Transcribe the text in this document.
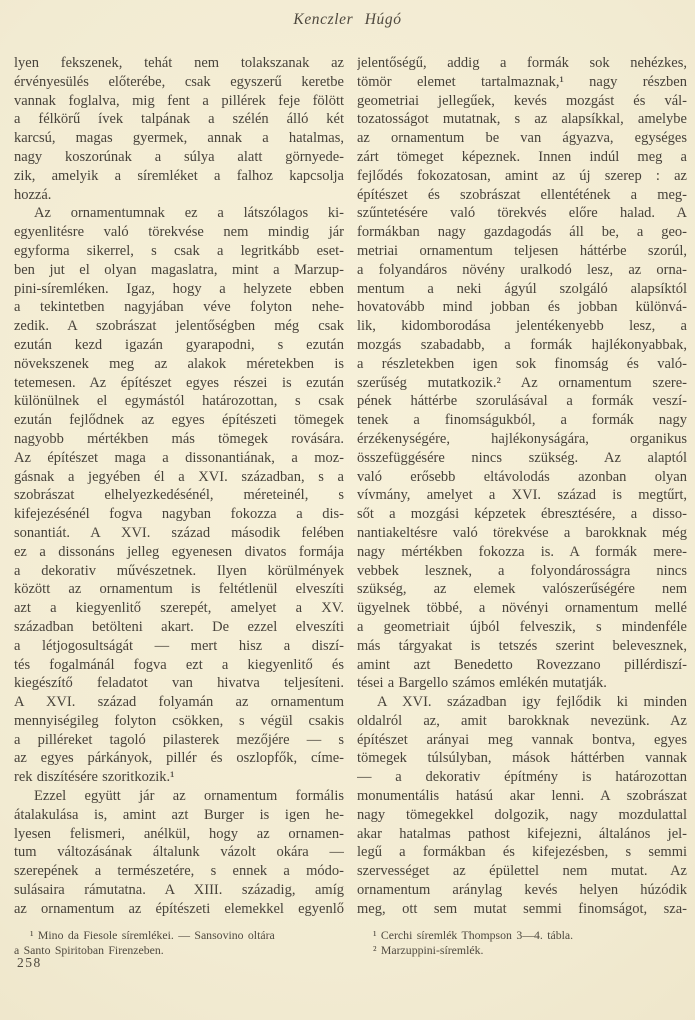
Kenczler Húgó
lyen fekszenek, tehát nem tolakszanak az
érvényesülés előterébe, csak egyszerű keretbe
vannak foglalva, mig fent a pillérek feje fölött
a félkörű ívek talpának a szélén álló két
karcsú, magas gyermek, annak a hatalmas,
nagy koszorúnak a súlya alatt görnyede-
zik, amelyik a síremléket a falhoz kapcsolja
hozzá.
Az ornamentumnak ez a látszólagos ki-
egyenlitésre való törekvése nem mindig jár
egyforma sikerrel, s csak a legritkább eset-
ben jut el olyan magaslatra, mint a Marzup-
pini-síremléken. Igaz, hogy a helyzete ebben
a tekintetben nagyjában véve folyton nehe-
zedik. A szobrászat jelentőségben még csak
ezután kezd igazán gyarapodni, s ezután
növekszenek meg az alakok méretekben is
tetemesen. Az építészet egyes részei is ezután
különülnek el egymástól határozottan, s csak
ezután fejlődnek az egyes építészeti tömegek
nagyobb mértékben más tömegek rovására.
Az építészet maga a dissonantiának, a moz-
gásnak a jegyében él a XVI. században, s a
szobrászat elhelyezkedésénél, méreteinél, s
kifejezésénél fogva nagyban fokozza a dis-
sonantiát. A XVI. század második felében
ez a dissonáns jelleg egyenesen divatos formája
a dekorativ művészetnek. Ilyen körülmények
között az ornamentum is feltétlenül elveszíti
azt a kiegyenlitő szerepét, amelyet a XV.
században betölteni akart. De ezzel elveszíti
a létjogosultságát — mert hisz a diszí-
tés fogalmánál fogva ezt a kiegyenlitő és
kiegészítő feladatot van hivatva teljesíteni.
A XVI. század folyamán az ornamentum
mennyiségileg folyton csökken, s végül csakis
a pilléreket tagoló pilasterek mezőjére — s
az egyes párkányok, pillér és oszlopfők, címe-
rek diszítésére szoritkozik.¹
Ezzel együtt jár az ornamentum formális
átalakulása is, amint azt Burger is igen he-
lyesen felismeri, anélkül, hogy az ornamen-
tum változásának általunk vázolt okára —
szerepének a természetére, s ennek a módo-
sulásaira rámutatna. A XIII. századig, amíg
az ornamentum az építészeti elemekkel egyenlő
¹ Mino da Fiesole síremlékei. — Sansovino oltára
a Santo Spiritoban Firenzeben.
jelentőségű, addig a formák sok nehézkes,
tömör elemet tartalmaznak,¹ nagy részben
geometriai jellegűek, kevés mozgást és vál-
tozatosságot mutatnak, s az alapsíkkal, amelybe
az ornamentum be van ágyazva, egységes
zárt tömeget képeznek. Innen indúl meg a
fejlődés fokozatosan, amint az új szerep : az
építészet és szobrászat ellentétének a meg-
szűntetésére való törekvés előre halad. A
formákban nagy gazdagodás áll be, a geo-
metriai ornamentum teljesen háttérbe szorúl,
a folyandáros növény uralkodó lesz, az orna-
mentum a neki ágyúl szolgáló alapsíktól
hovatovább mind jobban és jobban különvá-
lik, kidomborodása jelentékenyebb lesz, a
mozgás szabadabb, a formák hajlékonyabbak,
a részletekben igen sok finomság és való-
szerűség mutatkozik.² Az ornamentum szere-
pének háttérbe szorulásával a formák veszí-
tenek a finomságukból, a formák nagy
érzékenységére, hajlékonyságára, organikus
összefüggésére nincs szükség. Az alaptól
való erősebb eltávolodás azonban olyan
vívmány, amelyet a XVI. század is megtűrt,
sőt a mozgási képzetek ébresztésére, a disso-
nantiakeltésre való törekvése a barokknak még
nagy mértékben fokozza is. A formák mere-
vebbek lesznek, a folyondárosságra nincs
szükség, az elemek valószerűségére nem
ügyelnek többé, a növényi ornamentum mellé
a geometriait újból felveszik, s mindenféle
más tárgyakat is tetszés szerint belevesznek,
amint azt Benedetto Rovezzano pillérdiszí-
tései a Bargello számos emlékén mutatják.
A XVI. században igy fejlődik ki minden
oldalról az, amit barokknak nevezünk. Az
építészet arányai meg vannak bontva, egyes
tömegek túlsúlyban, mások háttérben vannak
— a dekorativ építmény is határozottan
monumentális hatású akar lenni. A szobrászat
nagy tömegekkel dolgozik, nagy mozdulattal
akar hatalmas pathost kifejezni, általános jel-
legű a formákban és kifejezésben, s semmi
szervességet az épülettel nem mutat. Az
ornamentum aránylag kevés helyen húzódik
meg, ott sem mutat semmi finomságot, sza-
¹ Cerchi síremlék Thompson 3—4. tábla.
² Marzuppini-síremlék.
258
